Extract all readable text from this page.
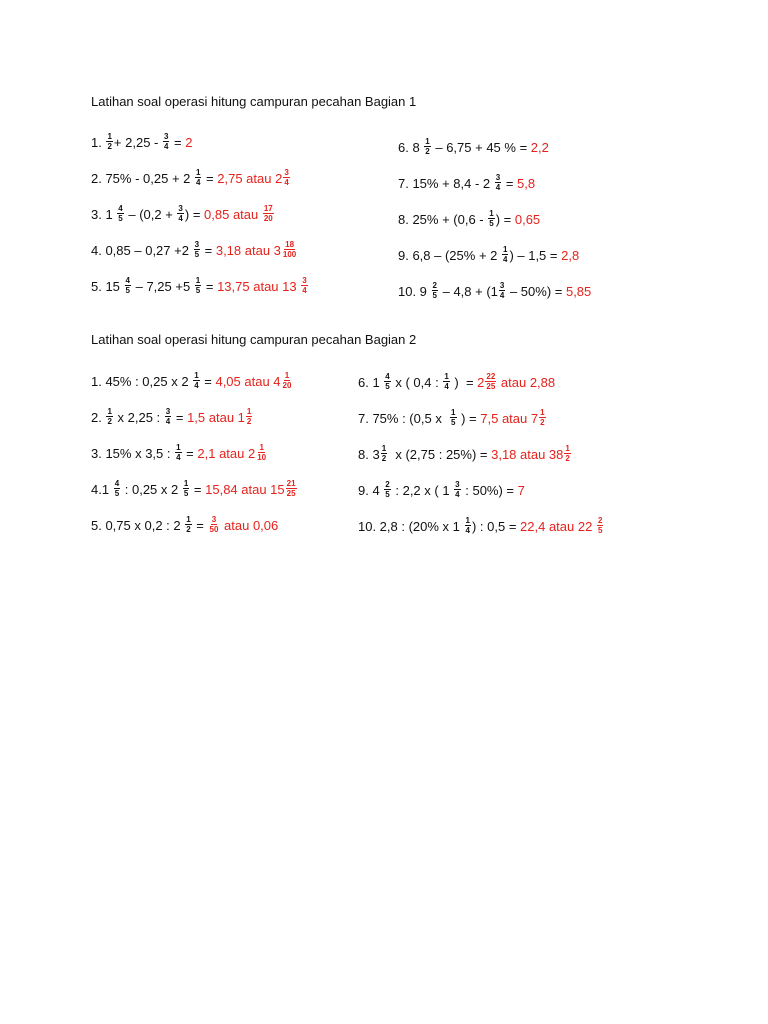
Latihan soal operasi hitung campuran pecahan Bagian 1
1. $\frac{1}{2} + 2,25 - \frac{3}{4} = 2$
2. $75\% - 0,25 + 2 \frac{1}{4} = 2,75$ atau $2 \frac{3}{4}$
3. $1 \frac{4}{5} - (0,2 + \frac{3}{4}$ ) = 0,85 atau $\frac{17}{20}$
4. $0,85 - 0,27 +2 \frac{3}{5} = 3,18$ atau $3 \frac{18}{100}$
5. $15 \frac{4}{5} - 7,25 +5 \frac{1}{5} = 13,75$ atau $13 \frac{3}{4}$
6. $8 \frac{1}{2} - 6,75 + 45$ % = 2,2
7. $15\% + 8,4 - 2 \frac{3}{4} = 5,8$
8. $25\% + (0,6 - \frac{1}{5}$ ) = 0,65
9. $6,8 - (25\% + 2 \frac{1}{4}$ ) – 1,5 = 2,8
10. $9 \frac{2}{5} - 4,8 + (1 \frac{3}{4} - 50\%) = 5,85$
Latihan soal operasi hitung campuran pecahan Bagian 2
1. 45% : 0,25 x $2 \frac{1}{4} = 4,05$ atau $4 \frac{1}{20}$
2. $\frac{1}{2}$ x 2,25 : $\frac{3}{4} = 1,5$ atau $1 \frac{1}{2}$
3. 15% x 3,5 : $\frac{1}{4} = 2,1$ atau $2 \frac{1}{10}$
$4.1 \frac{4}{5}$ : 0,25 x $2 \frac{1}{5} = 15,84$ atau $15 \frac{21}{25}$
5. 0,75 x 0,2 : $2 \frac{1}{2} = \frac{3}{50}$ atau 0,06
6. $1 \frac{4}{5}$ x ( 0,4 : $\frac{1}{4}$ )  = $2 \frac{22}{25}$ atau 2,88
7. 75% : (0,5 x $\frac{1}{5}$ ) = 7,5 atau $7 \frac{1}{2}$
8. $3 \frac{1}{2}$ x (2,75 : 25%) = 3,18 atau $38 \frac{1}{2}$
9. $4 \frac{2}{5}$ : 2,2 x ( $1 \frac{3}{4}$ : 50%) = 7
10. 2,8 : (20% x $1 \frac{1}{4}$ ) : 0,5 = 22,4 atau $22 \frac{2}{5}$
